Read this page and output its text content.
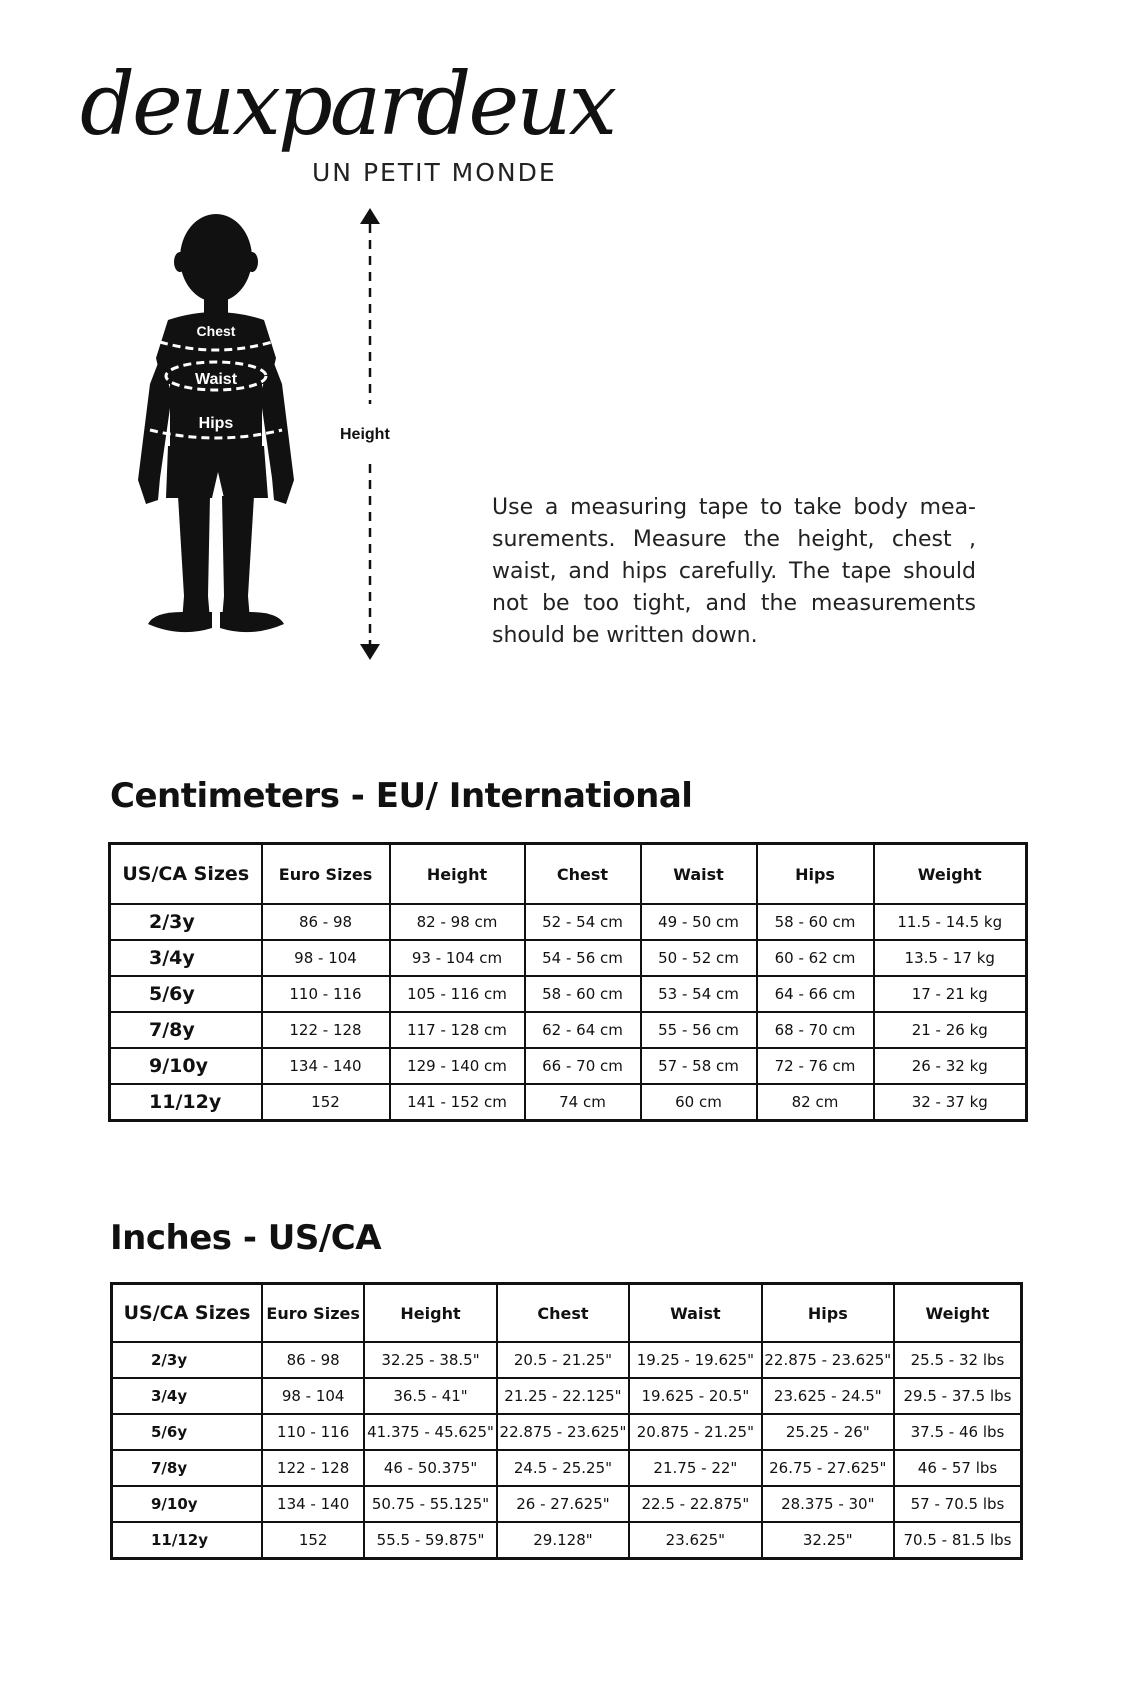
deuxpardeux
UN PETIT MONDE
Chest
Waist
Hips
Height

Use a measuring tape to take body mea-surements. Measure the height, chest , waist, and hips carefully. The tape should not be too tight, and the measurements should be written down.

Centimeters - EU/ International
US/CA Sizes	Euro Sizes	Height	Chest	Waist	Hips	Weight
2/3y	86 - 98	82 - 98 cm	52 - 54 cm	49 - 50 cm	58 - 60 cm	11.5 - 14.5 kg
3/4y	98 - 104	93 - 104 cm	54 - 56 cm	50 - 52 cm	60 - 62 cm	13.5 - 17 kg
5/6y	110 - 116	105 - 116 cm	58 - 60 cm	53 - 54 cm	64 - 66 cm	17 - 21 kg
7/8y	122 - 128	117 - 128 cm	62 - 64 cm	55 - 56 cm	68 - 70 cm	21 - 26 kg
9/10y	134 - 140	129 - 140 cm	66 - 70 cm	57 - 58 cm	72 - 76 cm	26 - 32 kg
11/12y	152	141 - 152 cm	74 cm	60 cm	82 cm	32 - 37 kg
Inches - US/CA
US/CA Sizes	Euro Sizes	Height	Chest	Waist	Hips	Weight
2/3y	86 - 98	32.25 - 38.5"	20.5 - 21.25"	19.25 - 19.625"	22.875 - 23.625"	25.5 - 32 lbs
3/4y	98 - 104	36.5 - 41"	21.25 - 22.125"	19.625 - 20.5"	23.625 - 24.5"	29.5 - 37.5 lbs
5/6y	110 - 116	41.375 - 45.625"	22.875 - 23.625"	20.875 - 21.25"	25.25 - 26"	37.5 - 46 lbs
7/8y	122 - 128	46 - 50.375"	24.5 - 25.25"	21.75 - 22"	26.75 - 27.625"	46 - 57 lbs
9/10y	134 - 140	50.75 - 55.125"	26 - 27.625"	22.5 - 22.875"	28.375 - 30"	57 - 70.5 lbs
11/12y	152	55.5 - 59.875"	29.128"	23.625"	32.25"	70.5 - 81.5 lbs
